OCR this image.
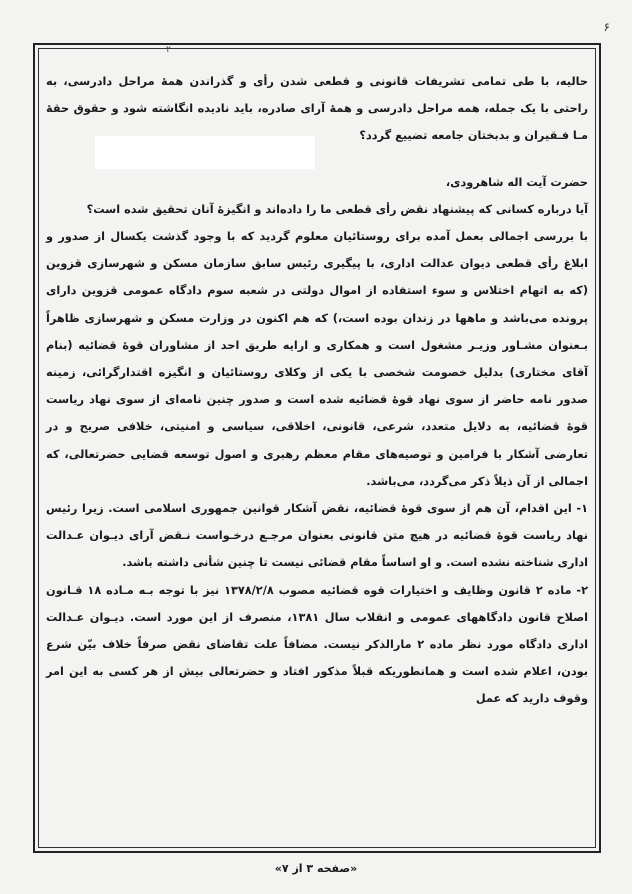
۶
۲

حالیه، با طی تمامی تشریفات قانونی و قطعی شدن رأی و گذراندن همهٔ مراحل دادرسی، به راحتی با یک جمله، همه مراحل دادرسی و همهٔ آرای صادره، باید نادیده انگاشته شود و حقوق حقهٔ مـا فـقیران و بدبختان جامعه تضییع گردد؟

حضرت آیت اله شاهرودی،

آیا درباره کسانی که پیشنهاد نقض رأی قطعی ما را داده‌اند و انگیزهٔ آنان تحقیق شده است؟

با بررسی اجمالی بعمل آمده برای روستائیان معلوم گردید که با وجود گذشت یکسال از صدور و ابلاغ رأی قطعی دیوان عدالت اداری، با پیگیری رئیس سابق سازمان مسکن و شهرسازی قزوین (که به اتهام اختلاس و سوء استفاده از اموال دولتی در شعبه سوم دادگاه عمومی قزوین دارای پرونده می‌باشد و ماهها در زندان بوده است،) که هم اکنون در وزارت مسکن و شهرسازی ظاهراً بـعنوان مشـاور وزیـر مشغول است و همکاری و ارایه طریق احد از مشاوران قوهٔ قضائیه (بنام آقای مختاری) بدلیل خصومت شخصی با یکی از وکلای روستائیان و انگیزه اقتدارگرائی، زمینه صدور نامه حاضر از سوی نهاد قوهٔ قضائیه شده است و صدور چنین نامه‌ای از سوی نهاد ریاست قوهٔ قضائیه، به دلایل متعدد، شرعی، قانونی، اخلاقی، سیاسی و امنیتی، خلافی صریح و در تعارضی آشکار با فرامین و توصیه‌های مقام معظم رهبری و اصول توسعه قضایی حضرتعالی، که اجمالی از آن ذیلاً ذکر می‌گردد، می‌باشد.

۱- این اقدام، آن هم از سوی قوهٔ قضائیه، نقض آشکار قوانین جمهوری اسلامی است. زیرا رئیس نهاد ریاست قوهٔ قضائیه در هیچ متن قانونی بعنوان مرجـع درخـواست نـقض آرای دیـوان عـدالت اداری شناخته نشده است. و او اساساً مقام قضائی نیست تا چنین شأنی داشته باشد.

۲- ماده ۲ قانون وظایف و اختیارات قوه قضائیه مصوب ۱۳۷۸/۲/۸ نیز با توجه بـه مـاده ۱۸ قـانون اصلاح قانون دادگاههای عمومی و انقلاب سال ۱۳۸۱، منصرف از این مورد است. دیـوان عـدالت اداری دادگاه مورد نظر ماده ۲ مارالذکر نیست. مضافاً علت تقاضای نقض صرفاً خلاف بیّن شرع بودن، اعلام شده است و همانطوریکه قبلاً مذکور افتاد و حضرتعالی بیش از هر کسی به این امر وقوف دارید که عمل

«صفحه ۳ از ۷»
